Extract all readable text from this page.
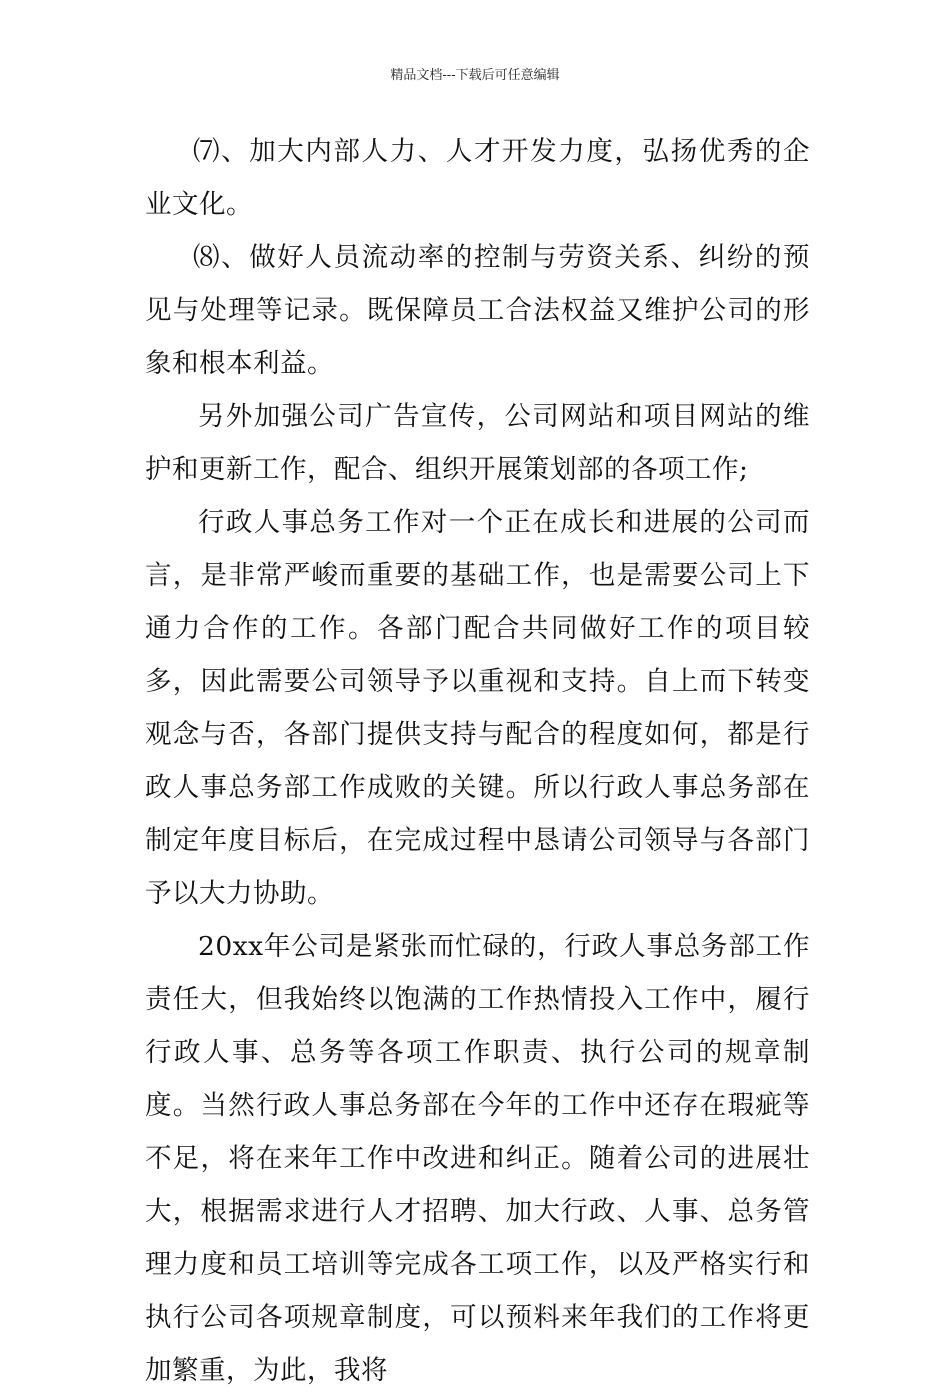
精品文档---下载后可任意编辑

⑺、加大内部人力、人才开发力度，弘扬优秀的企业文化。

⑻、做好人员流动率的控制与劳资关系、纠纷的预见与处理等记录。既保障员工合法权益又维护公司的形象和根本利益。

另外加强公司广告宣传，公司网站和项目网站的维护和更新工作，配合、组织开展策划部的各项工作;

行政人事总务工作对一个正在成长和进展的公司而言，是非常严峻而重要的基础工作，也是需要公司上下通力合作的工作。各部门配合共同做好工作的项目较多，因此需要公司领导予以重视和支持。自上而下转变观念与否，各部门提供支持与配合的程度如何，都是行政人事总务部工作成败的关键。所以行政人事总务部在制定年度目标后，在完成过程中恳请公司领导与各部门予以大力协助。

20xx年公司是紧张而忙碌的，行政人事总务部工作责任大，但我始终以饱满的工作热情投入工作中，履行行政人事、总务等各项工作职责、执行公司的规章制度。当然行政人事总务部在今年的工作中还存在瑕疵等不足，将在来年工作中改进和纠正。随着公司的进展壮大，根据需求进行人才招聘、加大行政、人事、总务管理力度和员工培训等完成各工项工作，以及严格实行和执行公司各项规章制度，可以预料来年我们的工作将更加繁重，为此，我将
